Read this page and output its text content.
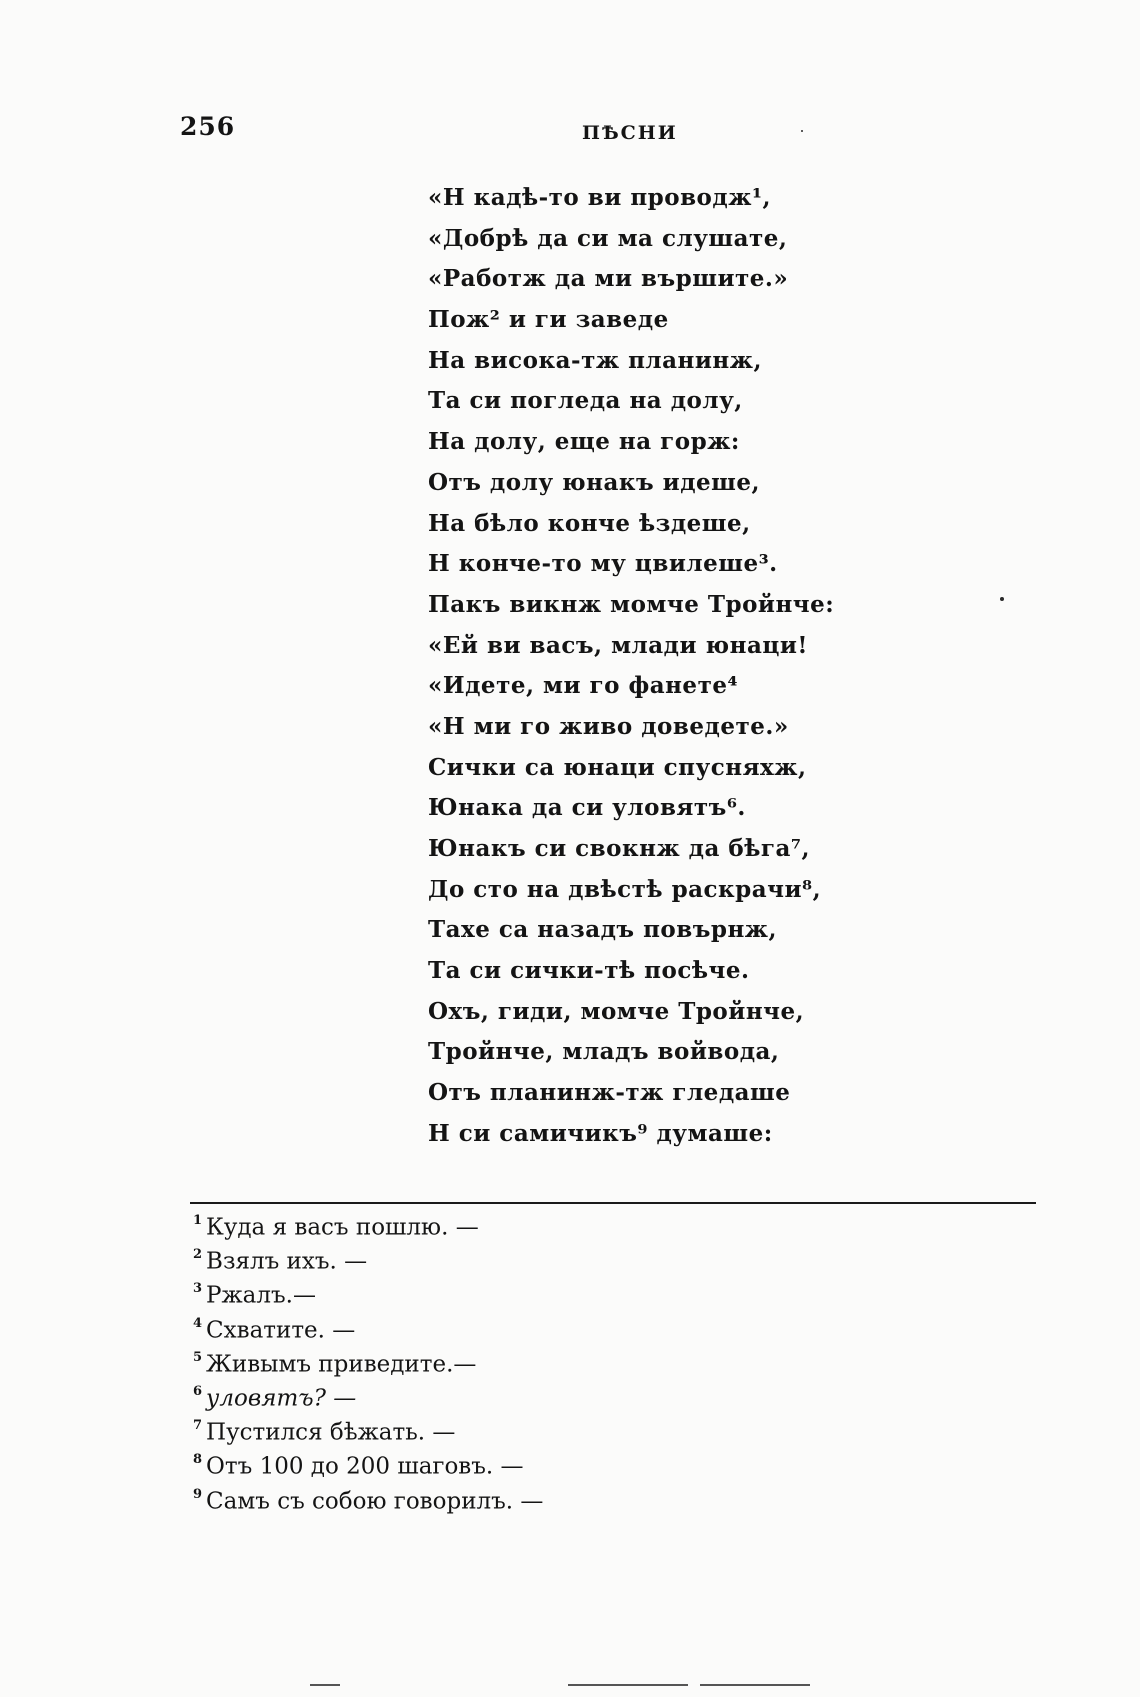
256	ПѢСНИ
«Н кадѣ-то ви проводж¹,
«Добрѣ да си ма слушате,
«Работж да ми вършите.»
Пож² и ги заведе
На висока-тж планинж,
Та си погледа на долу,
На долу, еще на горж:
Отъ долу юнакъ идеше,
На бѣло конче ѣздеше,
Н конче-то му цвилеше³.
Пакъ викнж момче Тройнче:
«Ей ви васъ, млади юнаци!
«Идете, ми го фанете⁴
«Н ми го живо доведете.»
Сички са юнаци спусняхж,
Юнака да си уловятъ⁶.
Юнакъ си свокнж да бѣга⁷,
До сто на двѣстѣ раскрачи⁸,
Тахе са назадъ повърнж,
Та си сички-тѣ посѣче.
Охъ, гиди, момче Тройнче,
Тройнче, младъ войвода,
Отъ планинж-тж гледаше
Н си самичикъ⁹ думаше:
$^1$ Куда я васъ пошлю. —
$^2$ Взялъ ихъ. —
$^3$ Ржалъ.—
$^4$ Схватите. —
$^5$ Живымъ приведите.—
$^6$ уловятъ? —
$^7$ Пустился бѣжать. —
$^8$ Отъ 100 до 200 шаговъ. —
$^9$ Самъ съ собою говорилъ. —
